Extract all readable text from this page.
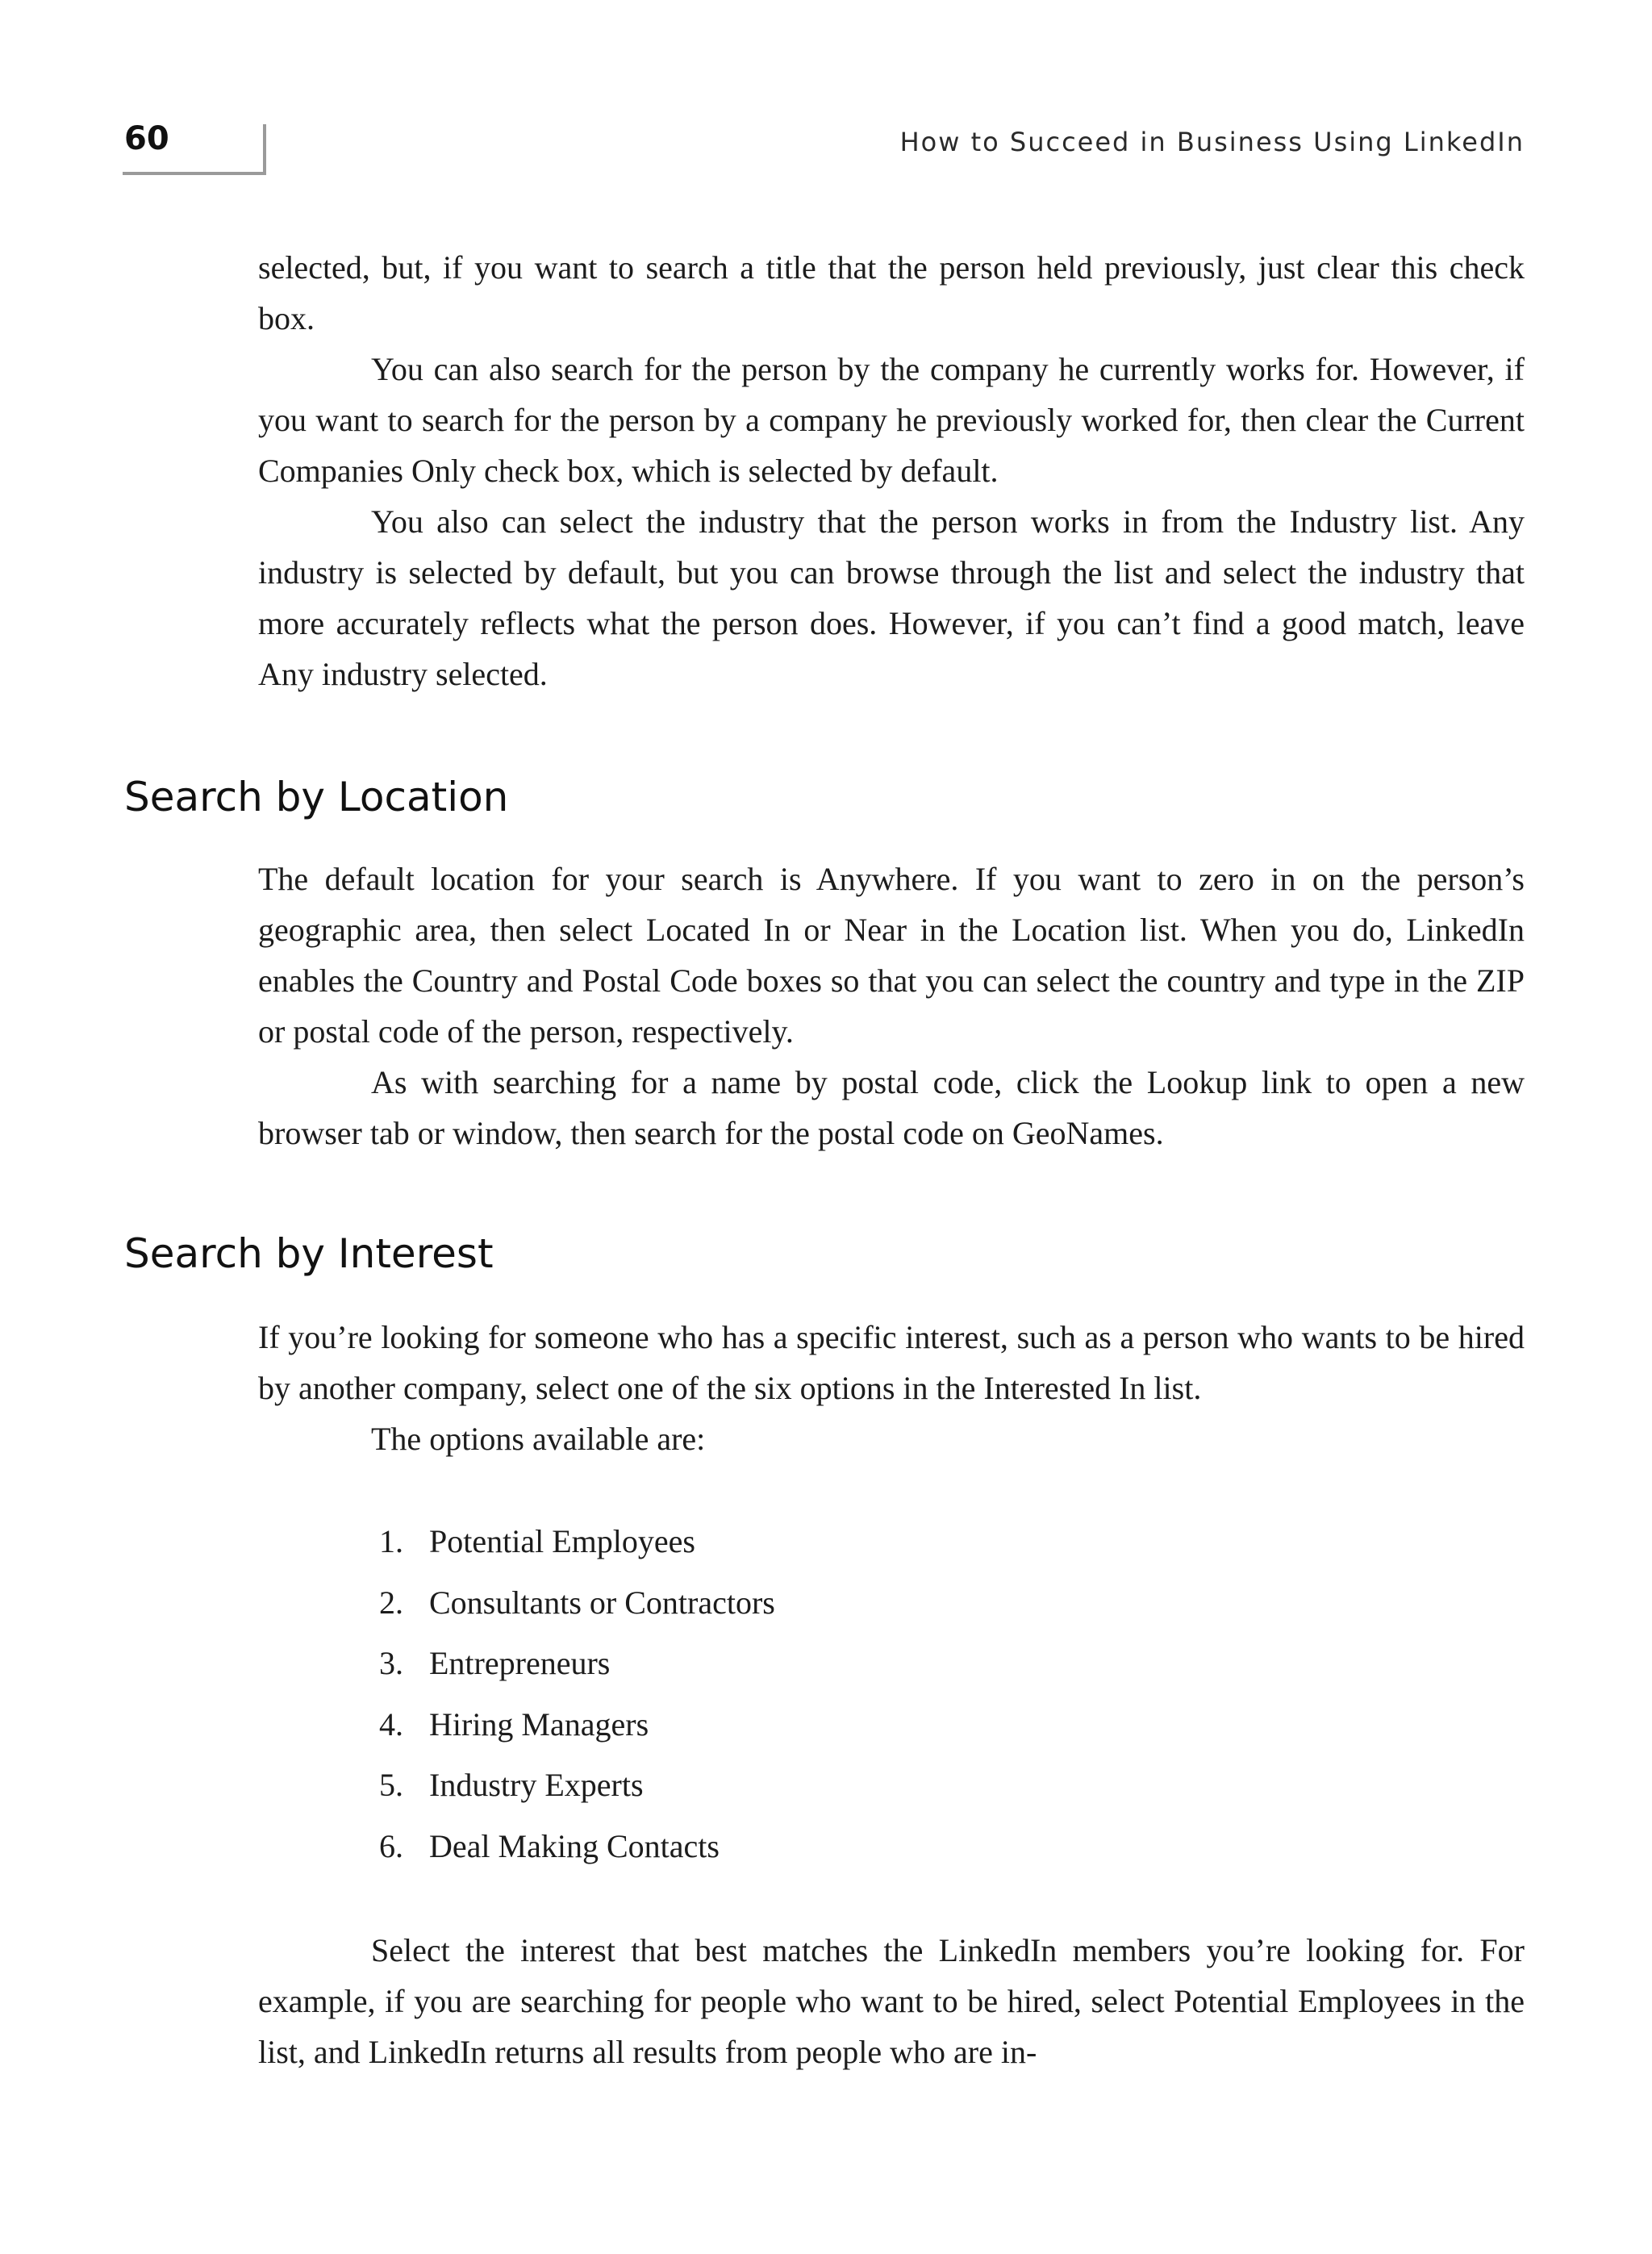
60	How to Succeed in Business Using LinkedIn

selected, but, if you want to search a title that the person held previously, just clear this check box.

You can also search for the person by the company he currently works for. However, if you want to search for the person by a company he previously worked for, then clear the Current Companies Only check box, which is selected by default.

You also can select the industry that the person works in from the Industry list. Any industry is selected by default, but you can browse through the list and select the industry that more accurately reflects what the person does. However, if you can’t find a good match, leave Any industry selected.

Search by Location

The default location for your search is Anywhere. If you want to zero in on the person’s geographic area, then select Located In or Near in the Location list. When you do, LinkedIn enables the Country and Postal Code boxes so that you can select the country and type in the ZIP or postal code of the person, respectively.

As with searching for a name by postal code, click the Lookup link to open a new browser tab or window, then search for the postal code on GeoNames.

Search by Interest

If you’re looking for someone who has a specific interest, such as a person who wants to be hired by another company, select one of the six options in the Interested In list.

The options available are:

1. Potential Employees
2. Consultants or Contractors
3. Entrepreneurs
4. Hiring Managers
5. Industry Experts
6. Deal Making Contacts

Select the interest that best matches the LinkedIn members you’re looking for. For example, if you are searching for people who want to be hired, select Potential Employees in the list, and LinkedIn returns all results from people who are in-
